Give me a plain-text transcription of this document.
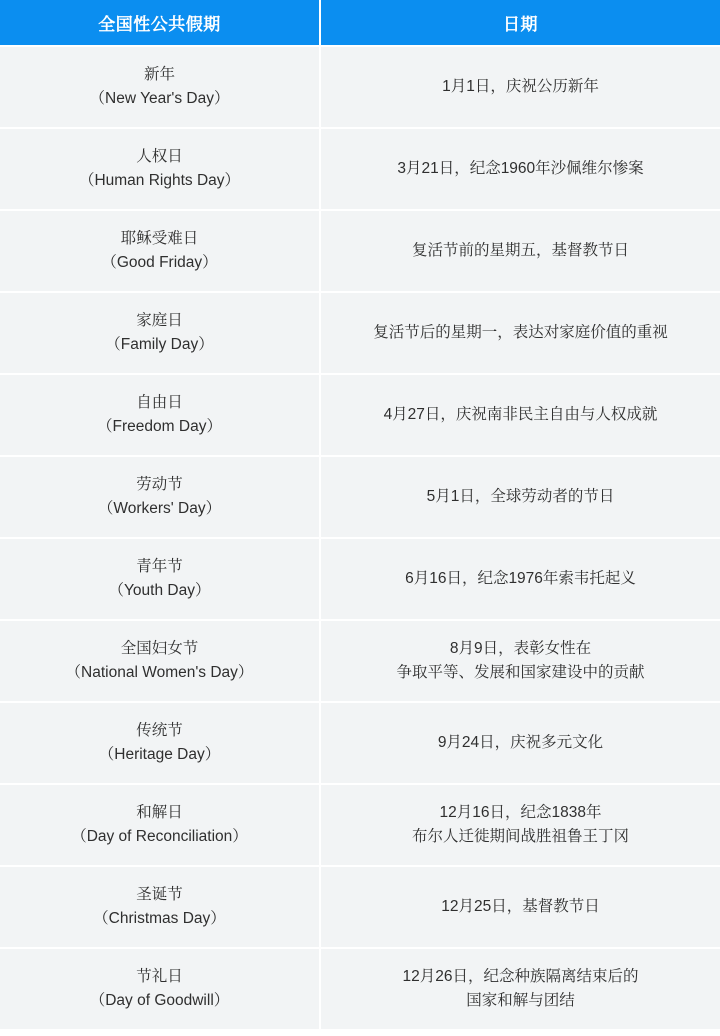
全国性公共假期	日期

新年
（New Year's Day）	1月1日，庆祝公历新年

人权日
（Human Rights Day）	3月21日，纪念1960年沙佩维尔惨案

耶稣受难日
（Good Friday）	复活节前的星期五，基督教节日

家庭日
（Family Day）	复活节后的星期一，表达对家庭价值的重视

自由日
（Freedom Day）	4月27日，庆祝南非民主自由与人权成就

劳动节
（Workers' Day）	5月1日，全球劳动者的节日

青年节
（Youth Day）	6月16日，纪念1976年索韦托起义

全国妇女节
（National Women's Day）	8月9日，表彰女性在
争取平等、发展和国家建设中的贡献

传统节
（Heritage Day）	9月24日，庆祝多元文化

和解日
（Day of Reconciliation）	12月16日，纪念1838年
布尔人迁徙期间战胜祖鲁王丁冈

圣诞节
（Christmas Day）	12月25日，基督教节日

节礼日
（Day of Goodwill）	12月26日，纪念种族隔离结束后的
国家和解与团结
